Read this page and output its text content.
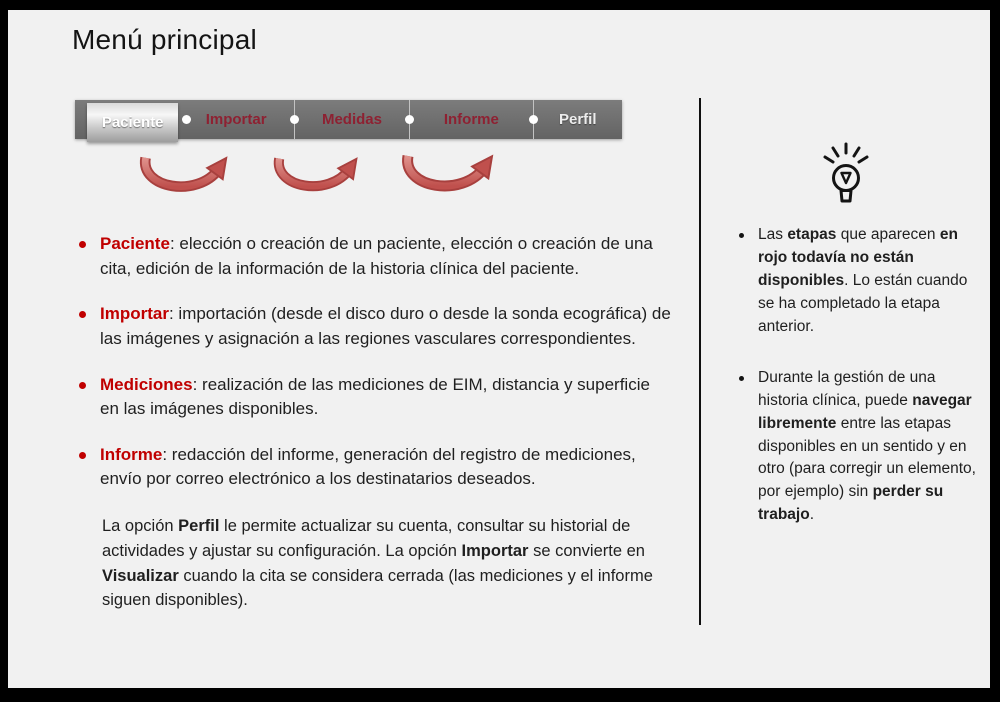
Menú principal
Paciente	Importar	Medidas	Informe	Perfil
Paciente: elección o creación de un paciente, elección o creación de una cita, edición de la información de la historia clínica del paciente.
Importar: importación (desde el disco duro o desde la sonda ecográfica) de las imágenes y asignación a las regiones vasculares correspondientes.
Mediciones: realización de las mediciones de EIM, distancia y superficie en las imágenes disponibles.
Informe: redacción del informe, generación del registro de mediciones, envío por correo electrónico a los destinatarios deseados.
La opción Perfil le permite actualizar su cuenta, consultar su historial de actividades y ajustar su configuración. La opción Importar se convierte en Visualizar cuando la cita se considera cerrada (las mediciones y el informe siguen disponibles).
Las etapas que aparecen en rojo todavía no están disponibles. Lo están cuando se ha completado la etapa anterior.
Durante la gestión de una historia clínica, puede navegar libremente entre las etapas disponibles en un sentido y en otro (para corregir un elemento, por ejemplo) sin perder su trabajo.
